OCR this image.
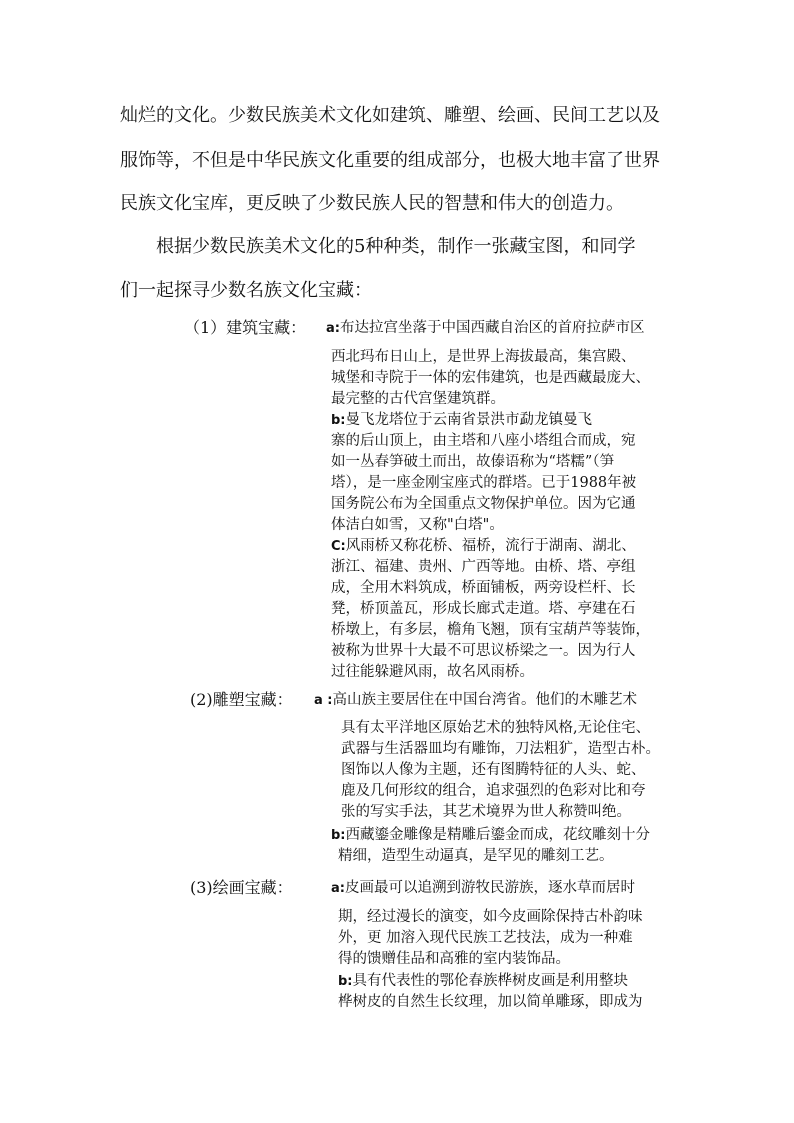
灿烂的文化。少数民族美术文化如建筑、雕塑、绘画、民间工艺以及
服饰等，不但是中华民族文化重要的组成部分，也极大地丰富了世界
民族文化宝库，更反映了少数民族人民的智慧和伟大的创造力。
根据少数民族美术文化的5种种类，制作一张藏宝图，和同学
们一起探寻少数名族文化宝藏：
（1）建筑宝藏： a:布达拉宫坐落于中国西藏自治区的首府拉萨市区
西北玛布日山上，是世界上海拔最高，集宫殿、
城堡和寺院于一体的宏伟建筑，也是西藏最庞大、
最完整的古代宫堡建筑群。
b:曼飞龙塔位于云南省景洪市勐龙镇曼飞
寨的后山顶上，由主塔和八座小塔组合而成，宛
如一丛春笋破土而出，故傣语称为“塔糯”（笋
塔），是一座金刚宝座式的群塔。已于1988年被
国务院公布为全国重点文物保护单位。因为它通
体洁白如雪，又称"白塔"。
C:风雨桥又称花桥、福桥，流行于湖南、湖北、
浙江、福建、贵州、广西等地。由桥、塔、亭组
成，全用木料筑成，桥面铺板，两旁设栏杆、长
凳，桥顶盖瓦，形成长廊式走道。塔、亭建在石
桥墩上，有多层，檐角飞翘，顶有宝葫芦等装饰，
被称为世界十大最不可思议桥梁之一。因为行人
过往能躲避风雨，故名风雨桥。
(2)雕塑宝藏： a :高山族主要居住在中国台湾省。他们的木雕艺术
具有太平洋地区原始艺术的独特风格,无论住宅、
武器与生活器皿均有雕饰，刀法粗犷，造型古朴。
图饰以人像为主题，还有图腾特征的人头、蛇、
鹿及几何形纹的组合，追求强烈的色彩对比和夸
张的写实手法，其艺术境界为世人称赞叫绝。
b:西藏鎏金雕像是精雕后鎏金而成，花纹雕刻十分
精细，造型生动逼真，是罕见的雕刻工艺。
(3)绘画宝藏：	a:皮画最可以追溯到游牧民游族，逐水草而居时
期，经过漫长的演变，如今皮画除保持古朴韵味
外，更 加溶入现代民族工艺技法，成为一种难
得的馈赠佳品和高雅的室内装饰品。
b:具有代表性的鄂伦春族桦树皮画是利用整块
桦树皮的自然生长纹理，加以简单雕琢，即成为
